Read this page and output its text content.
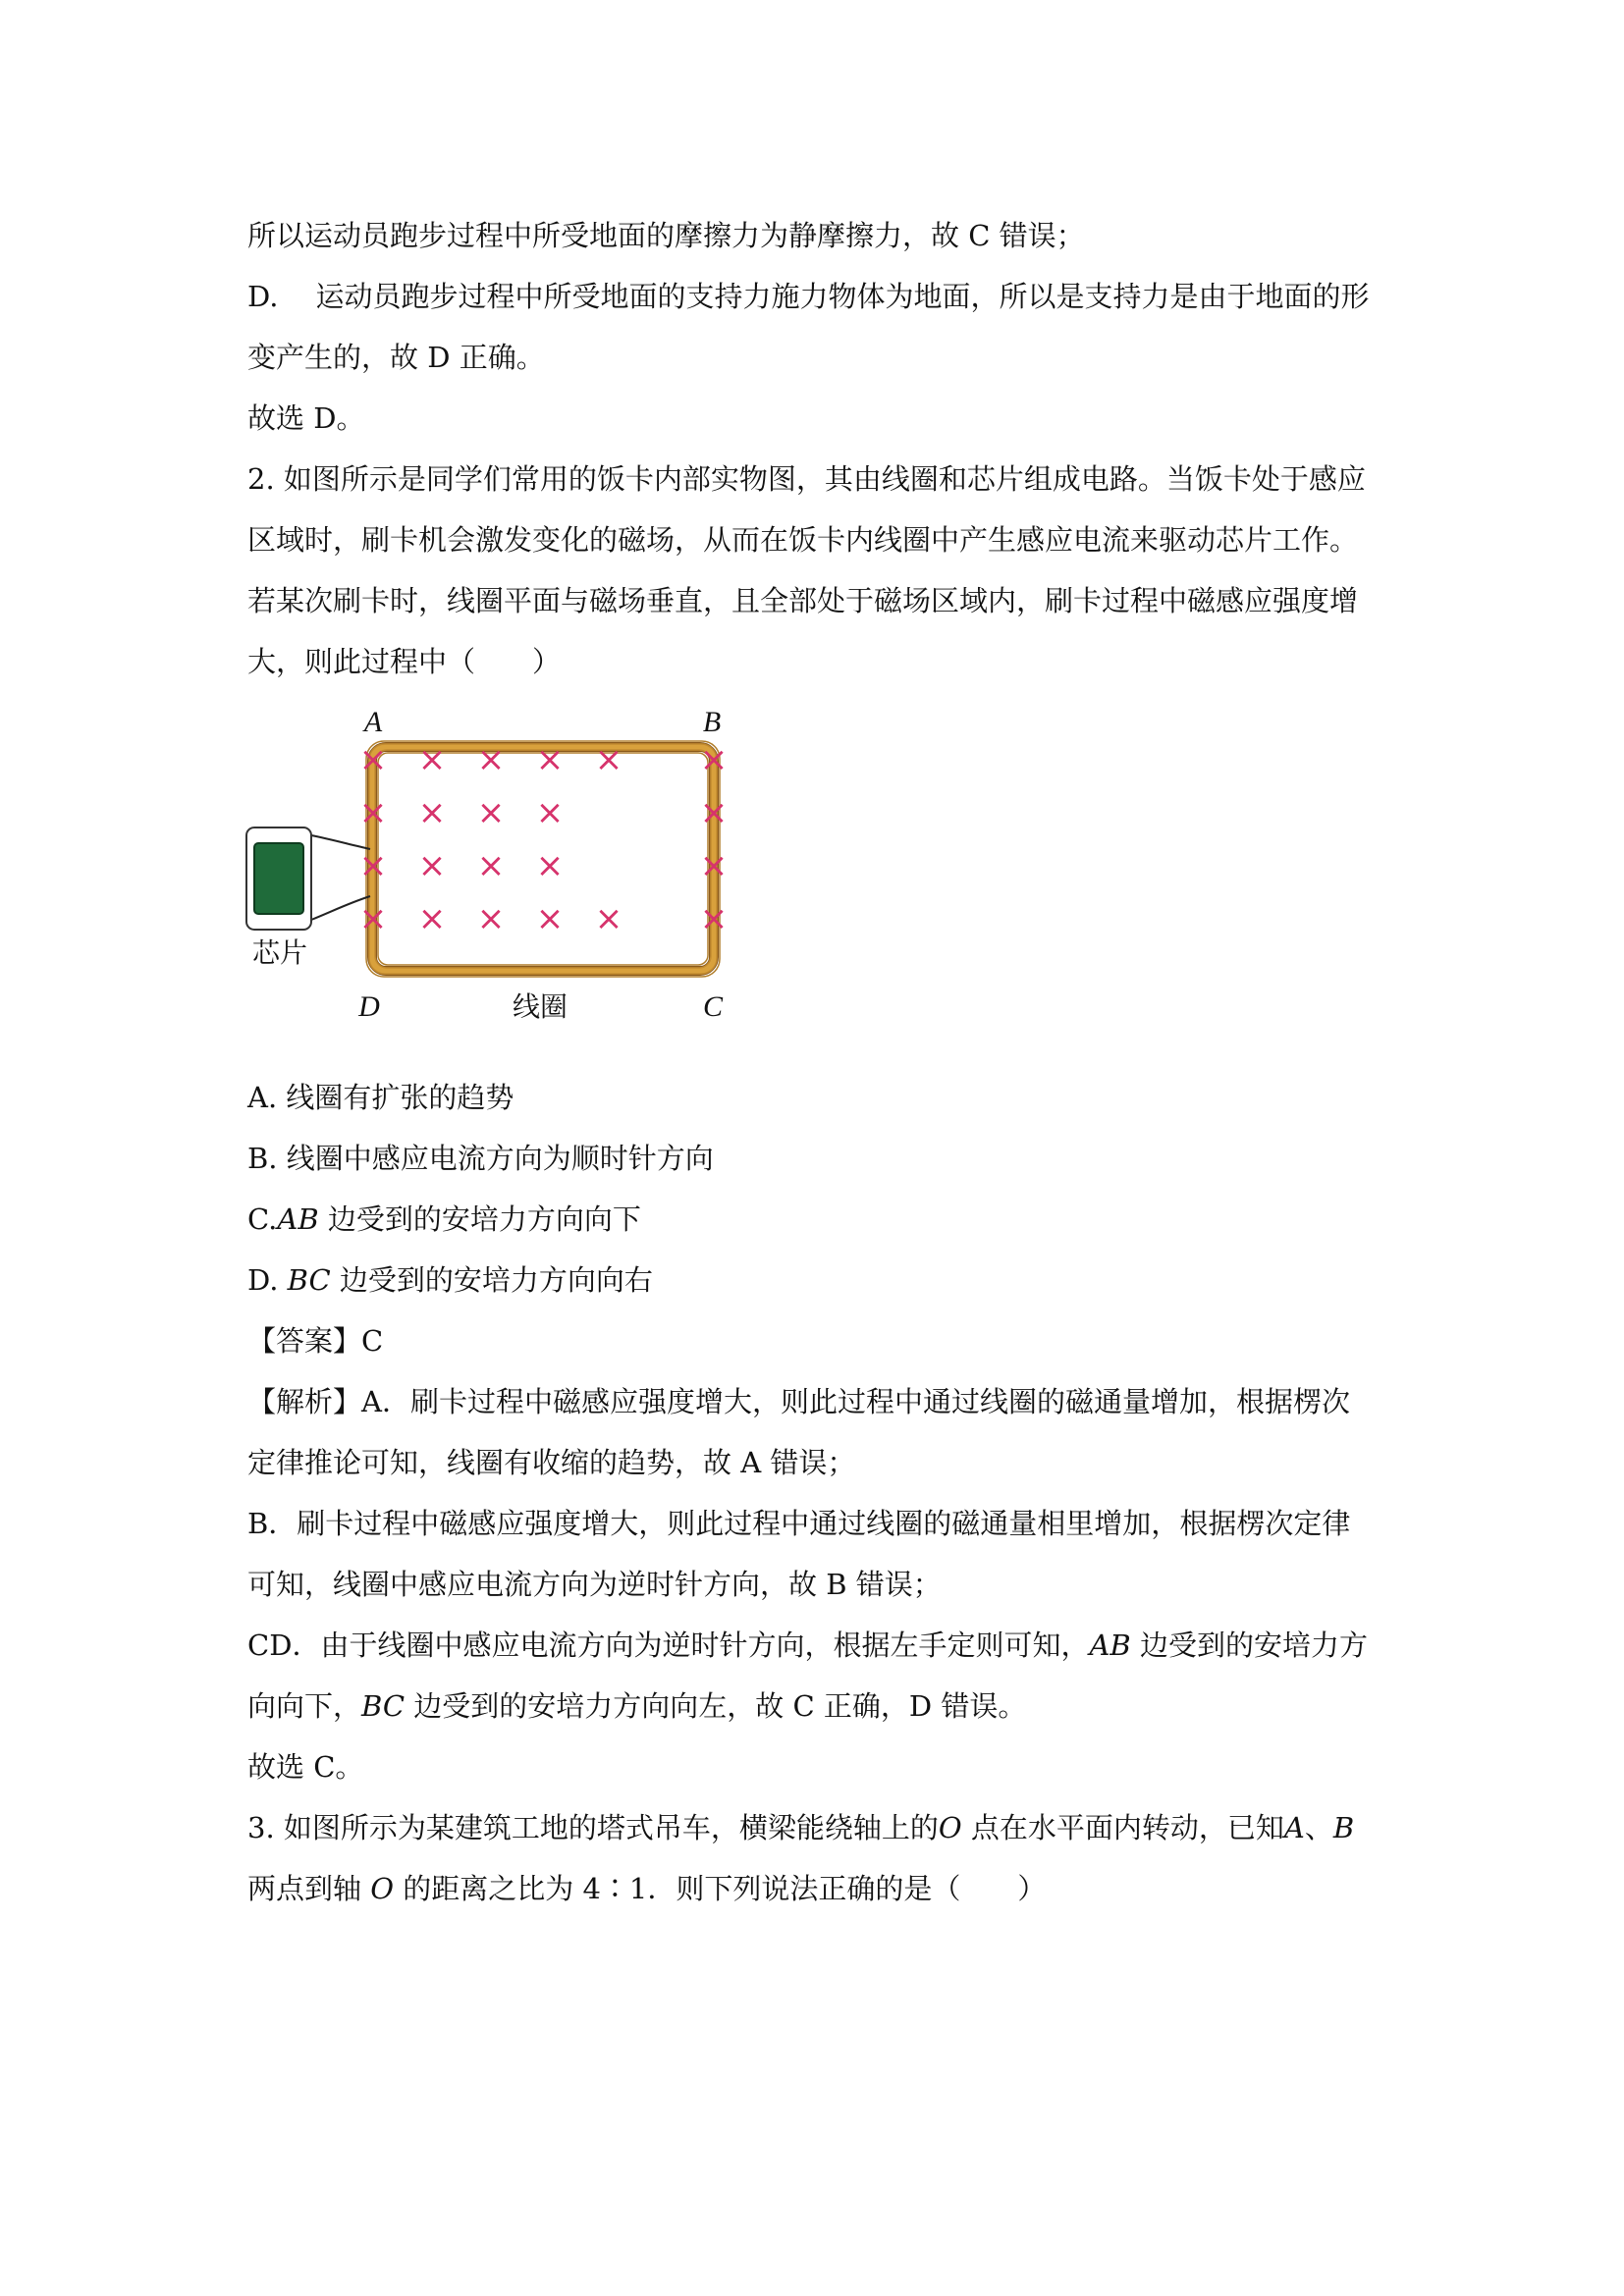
所以运动员跑步过程中所受地面的摩擦力为静摩擦力，故 C 错误；
D. 运动员跑步过程中所受地面的支持力施力物体为地面，所以是支持力是由于地面的形
变产生的，故 D 正确。
故选 D。
2. 如图所示是同学们常用的饭卡内部实物图，其由线圈和芯片组成电路。当饭卡处于感应
区域时，刷卡机会激发变化的磁场，从而在饭卡内线圈中产生感应电流来驱动芯片工作。
若某次刷卡时，线圈平面与磁场垂直，且全部处于磁场区域内，刷卡过程中磁感应强度增
大，则此过程中（　　）
× × × ×	×
× × × ×	×
× × × ×	×
× × × ×	×
×
×
A	B
D	C
芯片
线圈
A. 线圈有扩张的趋势
B. 线圈中感应电流方向为顺时针方向
C.AB 边受到的安培力方向向下
D. BC 边受到的安培力方向向右
【答案】C
【解析】A．刷卡过程中磁感应强度增大，则此过程中通过线圈的磁通量增加，根据楞次
定律推论可知，线圈有收缩的趋势，故 A 错误；
B．刷卡过程中磁感应强度增大，则此过程中通过线圈的磁通量相里增加，根据楞次定律
可知，线圈中感应电流方向为逆时针方向，故 B 错误；
CD．由于线圈中感应电流方向为逆时针方向，根据左手定则可知，AB 边受到的安培力方
向向下，BC 边受到的安培力方向向左，故 C 正确，D 错误。
故选 C。
3. 如图所示为某建筑工地的塔式吊车，横梁能绕轴上的O 点在水平面内转动，已知A、B
两点到轴 O 的距离之比为 4∶1．则下列说法正确的是（　　）
